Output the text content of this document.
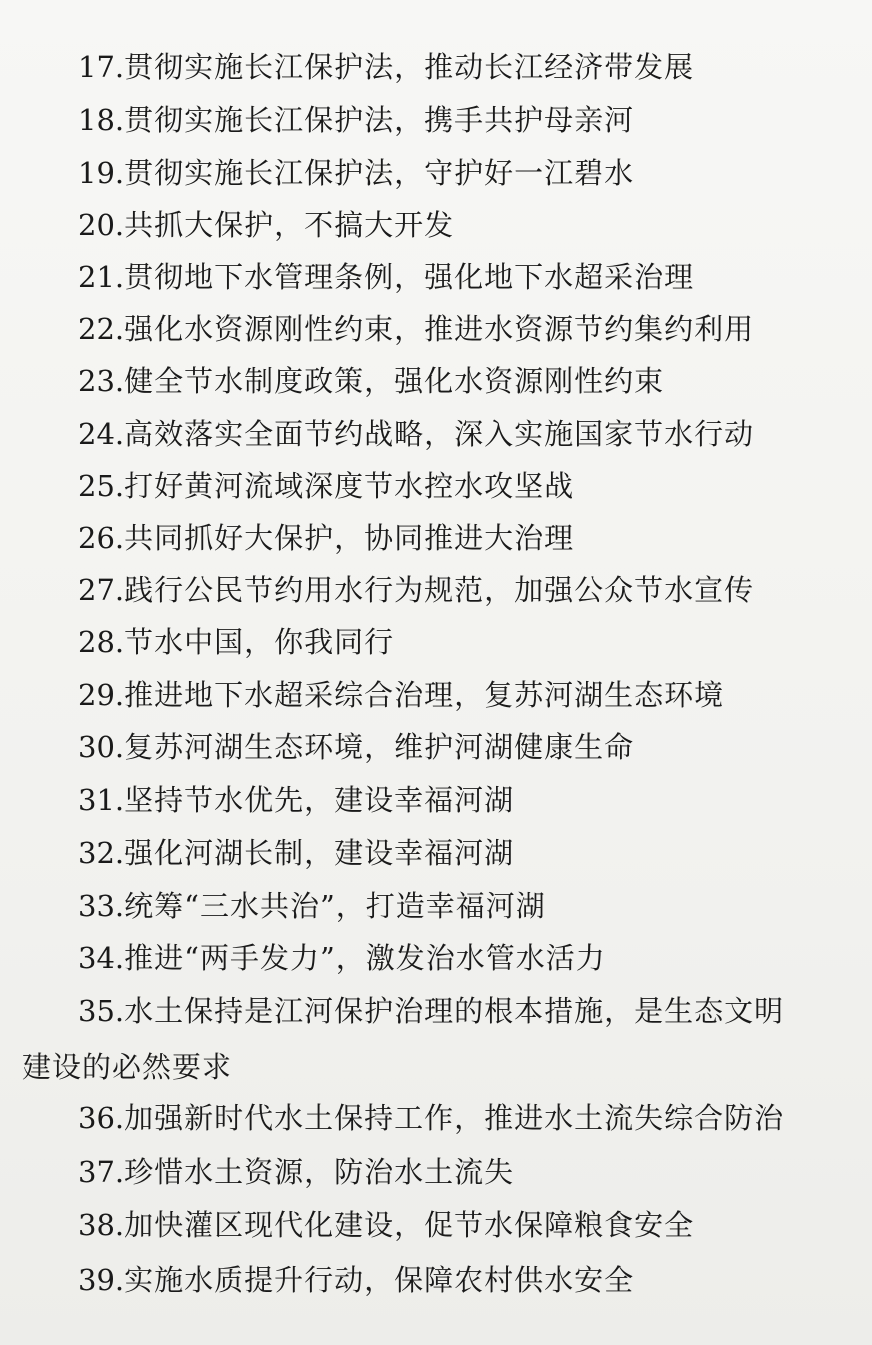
17.贯彻实施长江保护法，推动长江经济带发展
18.贯彻实施长江保护法，携手共护母亲河
19.贯彻实施长江保护法，守护好一江碧水
20.共抓大保护，不搞大开发
21.贯彻地下水管理条例，强化地下水超采治理
22.强化水资源刚性约束，推进水资源节约集约利用
23.健全节水制度政策，强化水资源刚性约束
24.高效落实全面节约战略，深入实施国家节水行动
25.打好黄河流域深度节水控水攻坚战
26.共同抓好大保护，协同推进大治理
27.践行公民节约用水行为规范，加强公众节水宣传
28.节水中国，你我同行
29.推进地下水超采综合治理，复苏河湖生态环境
30.复苏河湖生态环境，维护河湖健康生命
31.坚持节水优先，建设幸福河湖
32.强化河湖长制，建设幸福河湖
33.统筹“三水共治”，打造幸福河湖
34.推进“两手发力”，激发治水管水活力
35.水土保持是江河保护治理的根本措施，是生态文明
建设的必然要求
36.加强新时代水土保持工作，推进水土流失综合防治
37.珍惜水土资源，防治水土流失
38.加快灌区现代化建设，促节水保障粮食安全
39.实施水质提升行动，保障农村供水安全
